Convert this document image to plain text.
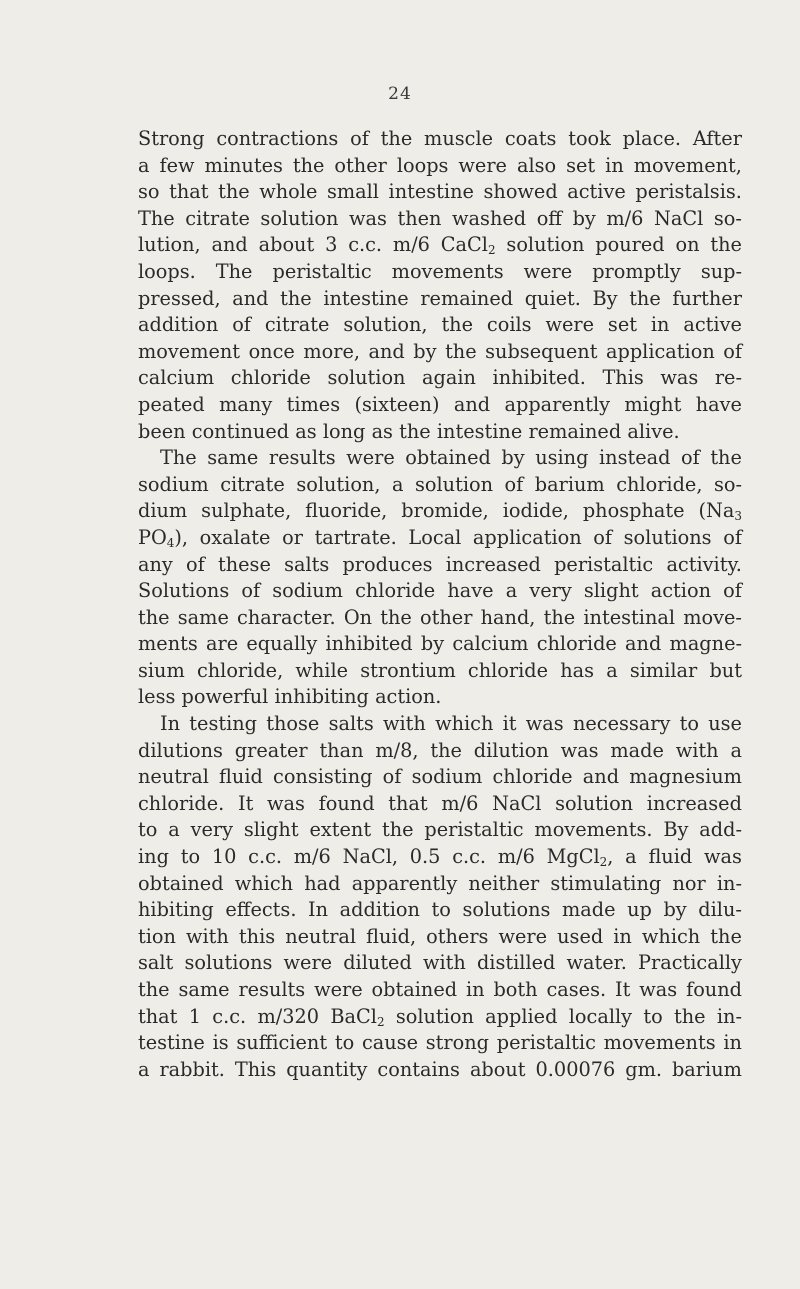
24
Strong contractions of the muscle coats took place. After
a few minutes the other loops were also set in movement,
so that the whole small intestine showed active peristalsis.
The citrate solution was then washed off by m/6 NaCl so-
lution, and about 3 c.c. m/6 CaCl$_2$ solution poured on the
loops. The peristaltic movements were promptly sup-
pressed, and the intestine remained quiet. By the further
addition of citrate solution, the coils were set in active
movement once more, and by the subsequent application of
calcium chloride solution again inhibited. This was re-
peated many times (sixteen) and apparently might have
been continued as long as the intestine remained alive.
The same results were obtained by using instead of the
sodium citrate solution, a solution of barium chloride, so-
dium sulphate, fluoride, bromide, iodide, phosphate ($Na_3$
$PO_4$), oxalate or tartrate. Local application of solutions of
any of these salts produces increased peristaltic activity.
Solutions of sodium chloride have a very slight action of
the same character. On the other hand, the intestinal move-
ments are equally inhibited by calcium chloride and magne-
sium chloride, while strontium chloride has a similar but
less powerful inhibiting action.
In testing those salts with which it was necessary to use
dilutions greater than m/8, the dilution was made with a
neutral fluid consisting of sodium chloride and magnesium
chloride. It was found that m/6 NaCl solution increased
to a very slight extent the peristaltic movements. By add-
ing to 10 c.c. m/6 NaCl, 0.5 c.c. m/6 MgCl$_2$, a fluid was
obtained which had apparently neither stimulating nor in-
hibiting effects. In addition to solutions made up by dilu-
tion with this neutral fluid, others were used in which the
salt solutions were diluted with distilled water. Practically
the same results were obtained in both cases. It was found
that 1 c.c. m/320 BaCl$_2$ solution applied locally to the in-
testine is sufficient to cause strong peristaltic movements in
a rabbit. This quantity contains about 0.00076 gm. barium
